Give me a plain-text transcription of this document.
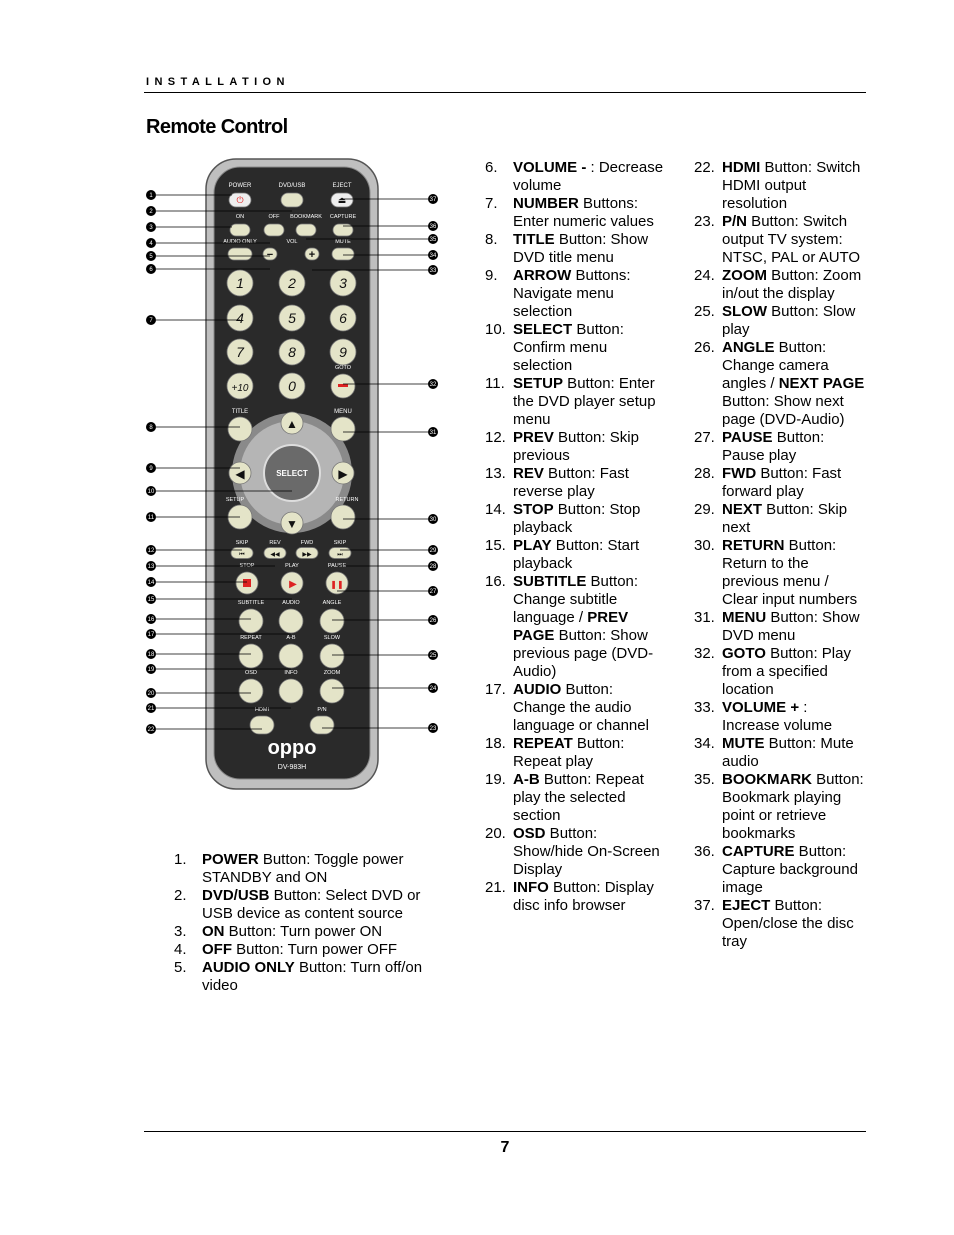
INSTALLATION
Remote Control
POWER	DVD/USB	EJECT
⏻	⏏
ON	OFF BOOKMARK CAPTURE
AUDIO ONLY	VOL	MUTE
−	+
1	2	3
4	5	6
7	8	9
+10	0
GOTO
TITLE	MENU
▲
▼
◀	▶
SELECT
SETUP	RETURN
SKIP	REV	FWD	SKIP
⏮	◀◀	▶▶	⏭
STOP	PLAY	PAUSE
▶	❚❚
SUBTITLE	AUDIO	ANGLE
REPEAT	A-B	SLOW
OSD	INFO	ZOOM
HDMI	P/N
oppo
DV-983H
1
2
3
4
5
6
7
8
9
10
11
12
13
14
15
16
17
18
19
20
21
22
37
36
35
34
33
32
31
30
29
28
27
26
25
24
23
1. POWER Button: Toggle power STANDBY and ON
2. DVD/USB Button: Select DVD or USB device as content source
3. ON Button: Turn power ON
4. OFF Button: Turn power OFF
5. AUDIO ONLY Button: Turn off/on video
6. VOLUME - : Decrease volume
7. NUMBER Buttons: Enter numeric values
8. TITLE Button: Show DVD title menu
9. ARROW Buttons: Navigate menu selection
10. SELECT Button: Confirm menu selection
11. SETUP Button: Enter the DVD player setup menu
12. PREV Button: Skip previous
13. REV Button: Fast reverse play
14. STOP Button: Stop playback
15. PLAY Button: Start playback
16. SUBTITLE Button: Change subtitle language / PREV PAGE Button: Show previous page (DVD-Audio)
17. AUDIO Button: Change the audio language or channel
18. REPEAT Button: Repeat play
19. A-B Button: Repeat play the selected section
20. OSD Button: Show/hide On-Screen Display
21. INFO Button: Display disc info browser
22. HDMI Button: Switch HDMI output resolution
23. P/N Button: Switch output TV system: NTSC, PAL or AUTO
24. ZOOM Button: Zoom in/out the display
25. SLOW Button: Slow play
26. ANGLE Button: Change camera angles / NEXT PAGE Button: Show next page (DVD-Audio)
27. PAUSE Button: Pause play
28. FWD Button: Fast forward play
29. NEXT Button: Skip next
30. RETURN Button: Return to the previous menu / Clear input numbers
31. MENU Button: Show DVD menu
32. GOTO Button: Play from a specified location
33. VOLUME + : Increase volume
34. MUTE Button: Mute audio
35. BOOKMARK Button: Bookmark playing point or retrieve bookmarks
36. CAPTURE Button: Capture background image
37. EJECT Button: Open/close the disc tray
7
